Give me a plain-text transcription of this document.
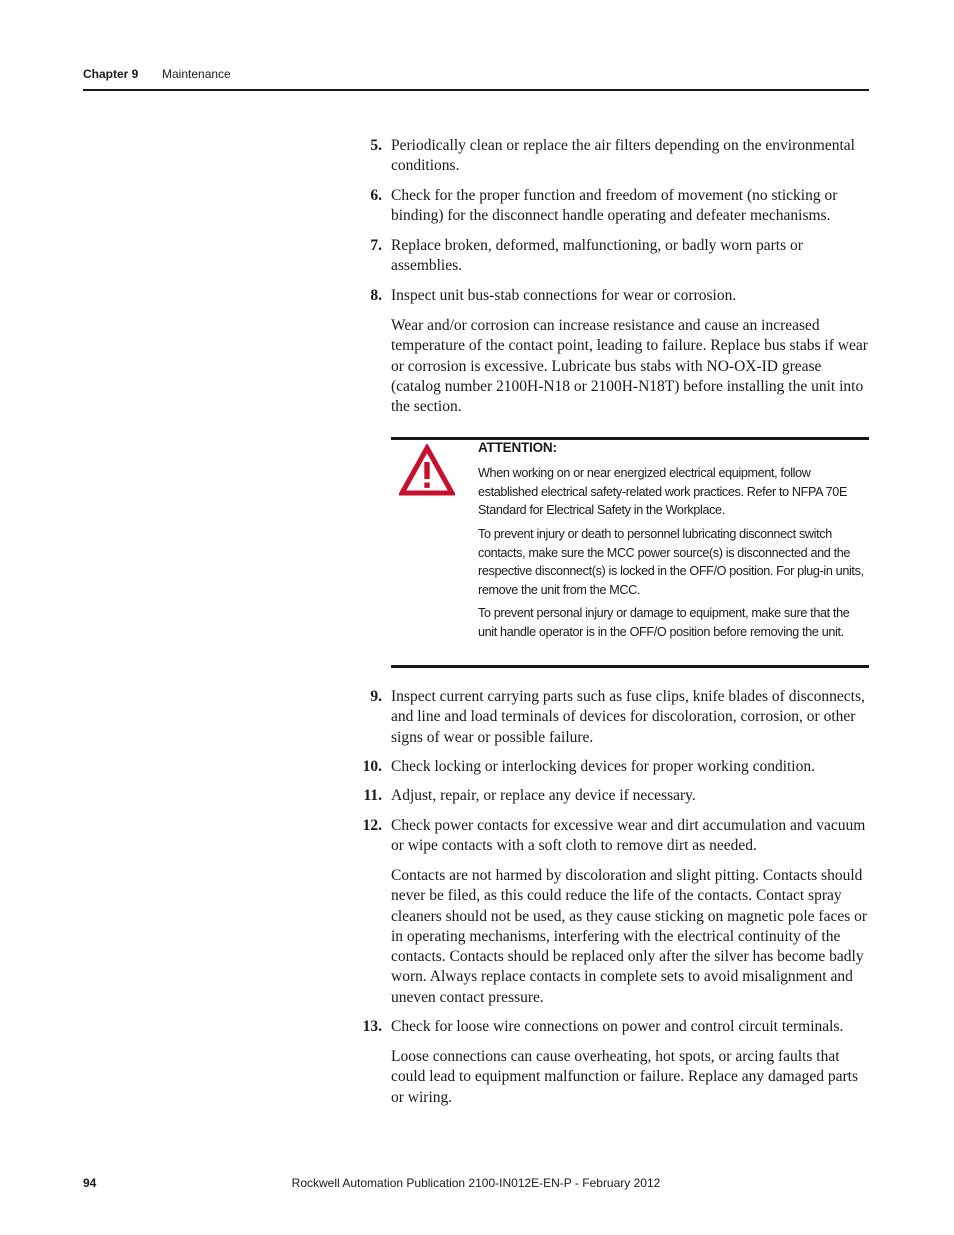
Chapter 9 Maintenance
5. Periodically clean or replace the air filters depending on the environmental conditions.
6. Check for the proper function and freedom of movement (no sticking or binding) for the disconnect handle operating and defeater mechanisms.
7. Replace broken, deformed, malfunctioning, or badly worn parts or assemblies.
8. Inspect unit bus-stab connections for wear or corrosion.
Wear and/or corrosion can increase resistance and cause an increased temperature of the contact point, leading to failure. Replace bus stabs if wear or corrosion is excessive. Lubricate bus stabs with NO-OX-ID grease (catalog number 2100H-N18 or 2100H-N18T) before installing the unit into the section.
ATTENTION:
When working on or near energized electrical equipment, follow established electrical safety-related work practices. Refer to NFPA 70E Standard for Electrical Safety in the Workplace.
To prevent injury or death to personnel lubricating disconnect switch contacts, make sure the MCC power source(s) is disconnected and the respective disconnect(s) is locked in the OFF/O position. For plug-in units, remove the unit from the MCC.
To prevent personal injury or damage to equipment, make sure that the unit handle operator is in the OFF/O position before removing the unit.
9. Inspect current carrying parts such as fuse clips, knife blades of disconnects, and line and load terminals of devices for discoloration, corrosion, or other signs of wear or possible failure.
10. Check locking or interlocking devices for proper working condition.
11. Adjust, repair, or replace any device if necessary.
12. Check power contacts for excessive wear and dirt accumulation and vacuum or wipe contacts with a soft cloth to remove dirt as needed.
Contacts are not harmed by discoloration and slight pitting. Contacts should never be filed, as this could reduce the life of the contacts. Contact spray cleaners should not be used, as they cause sticking on magnetic pole faces or in operating mechanisms, interfering with the electrical continuity of the contacts. Contacts should be replaced only after the silver has become badly worn. Always replace contacts in complete sets to avoid misalignment and uneven contact pressure.
13. Check for loose wire connections on power and control circuit terminals.
Loose connections can cause overheating, hot spots, or arcing faults that could lead to equipment malfunction or failure. Replace any damaged parts or wiring.
94	Rockwell Automation Publication 2100-IN012E-EN-P - February 2012
